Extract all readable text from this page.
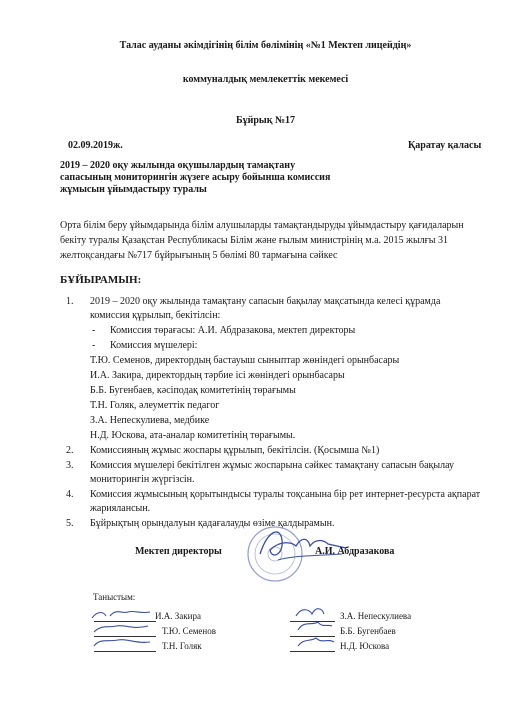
Талас ауданы әкімдігінің білім бөлімінің «№1 Мектеп лицейдің»
коммуналдық мемлекеттік мекемесі
Бұйрық №17
02.09.2019ж.	Қаратау қаласы
2019 – 2020 оқу жылында оқушылардың тамақтану
сапасының мониторингін жүзеге асыру бойынша комиссия
жұмысын ұйымдастыру туралы
Орта білім беру ұйымдарында білім алушыларды тамақтандыруды ұйымдастыру қағидаларын
бекіту туралы Қазақстан Республикасы Білім және ғылым министрінің м.а. 2015 жылғы 31
желтоқсандағы №717 бұйрығының 5 бөлімі 80 тармағына сәйкес
БҰЙЫРАМЫН:
1. 2019 – 2020 оқу жылында тамақтану сапасын бақылау мақсатында келесі құрамда
комиссия құрылып, бекітілсін:
- Комиссия төрағасы: А.И. Абдразакова, мектеп директоры
- Комиссия мүшелері:
Т.Ю. Семенов, директордың бастауыш сыныптар жөніндегі орынбасары
И.А. Закира, директордың тәрбие ісі жөніндегі орынбасары
Б.Б. Бугенбаев, кәсіподақ комитетінің төрағымы
Т.Н. Голяк, әлеуметтік педагог
З.А. Непескулиева, медбике
Н.Д. Юскова, ата-аналар комитетінің төрағымы.
2. Комиссияның жұмыс жоспары құрылып, бекітілсін. (Қосымша №1)
3. Комиссия мүшелері бекітілген жұмыс жоспарына сәйкес тамақтану сапасын бақылау
мониторингін жүргізсін.
4. Комиссия жұмысының қорытындысы туралы тоқсанына бір рет интернет-ресурста ақпарат
жариялансын.
5. Бұйрықтың орындалуын қадағалауды өзіме қалдырамын.
Мектеп директоры	А.И. Абдразакова
Таныстым:
И.А. Закира
Т.Ю. Семенов
Т.Н. Голяк
З.А. Непескулиева
Б.Б. Бугенбаев
Н.Д. Юскова
